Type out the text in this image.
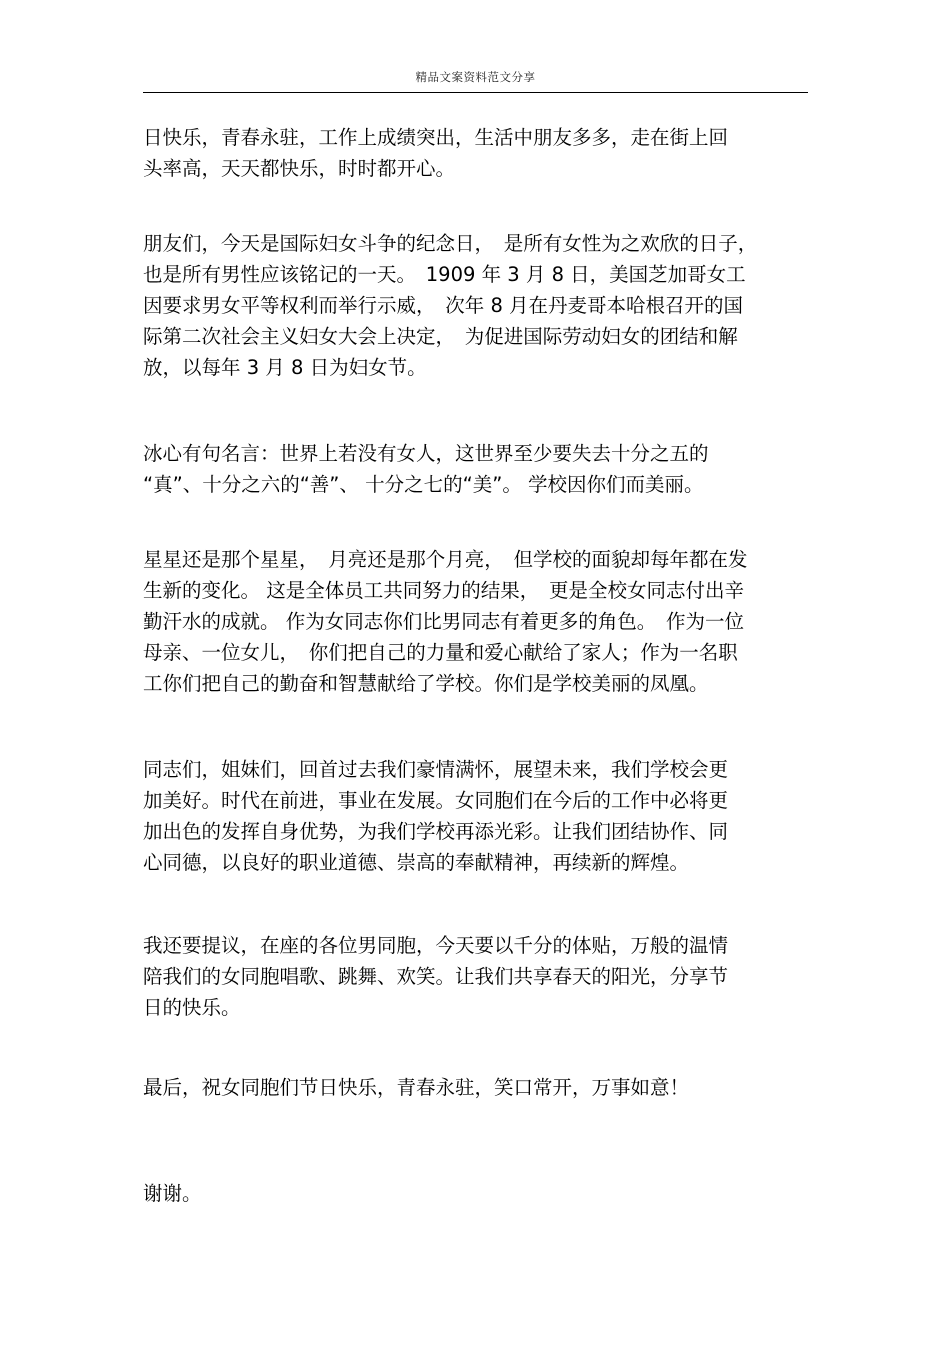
精品文案资料范文分享

日快乐，青春永驻，工作上成绩突出，生活中朋友多多，走在街上回
头率高，天天都快乐，时时都开心。

朋友们，今天是国际妇女斗争的纪念日，　是所有女性为之欢欣的日子，
也是所有男性应该铭记的一天。　1909 年 3 月 8 日，美国芝加哥女工
因要求男女平等权利而举行示威，　次年 8 月在丹麦哥本哈根召开的国
际第二次社会主义妇女大会上决定，　为促进国际劳动妇女的团结和解
放，以每年 3 月 8 日为妇女节。

冰心有句名言：世界上若没有女人，这世界至少要失去十分之五的
“真”、十分之六的“善”、 十分之七的“美”。 学校因你们而美丽。

星星还是那个星星，　月亮还是那个月亮，　但学校的面貌却每年都在发
生新的变化。 这是全体员工共同努力的结果，　更是全校女同志付出辛
勤汗水的成就。 作为女同志你们比男同志有着更多的角色。　作为一位
母亲、一位女儿，　你们把自己的力量和爱心献给了家人；作为一名职
工你们把自己的勤奋和智慧献给了学校。你们是学校美丽的凤凰。

同志们，姐妹们，回首过去我们豪情满怀，展望未来，我们学校会更
加美好。时代在前进，事业在发展。女同胞们在今后的工作中必将更
加出色的发挥自身优势，为我们学校再添光彩。让我们团结协作、同
心同德，以良好的职业道德、崇高的奉献精神，再续新的辉煌。

我还要提议，在座的各位男同胞，今天要以千分的体贴，万般的温情
陪我们的女同胞唱歌、跳舞、欢笑。让我们共享春天的阳光，分享节
日的快乐。

最后，祝女同胞们节日快乐，青春永驻，笑口常开，万事如意！

谢谢。
